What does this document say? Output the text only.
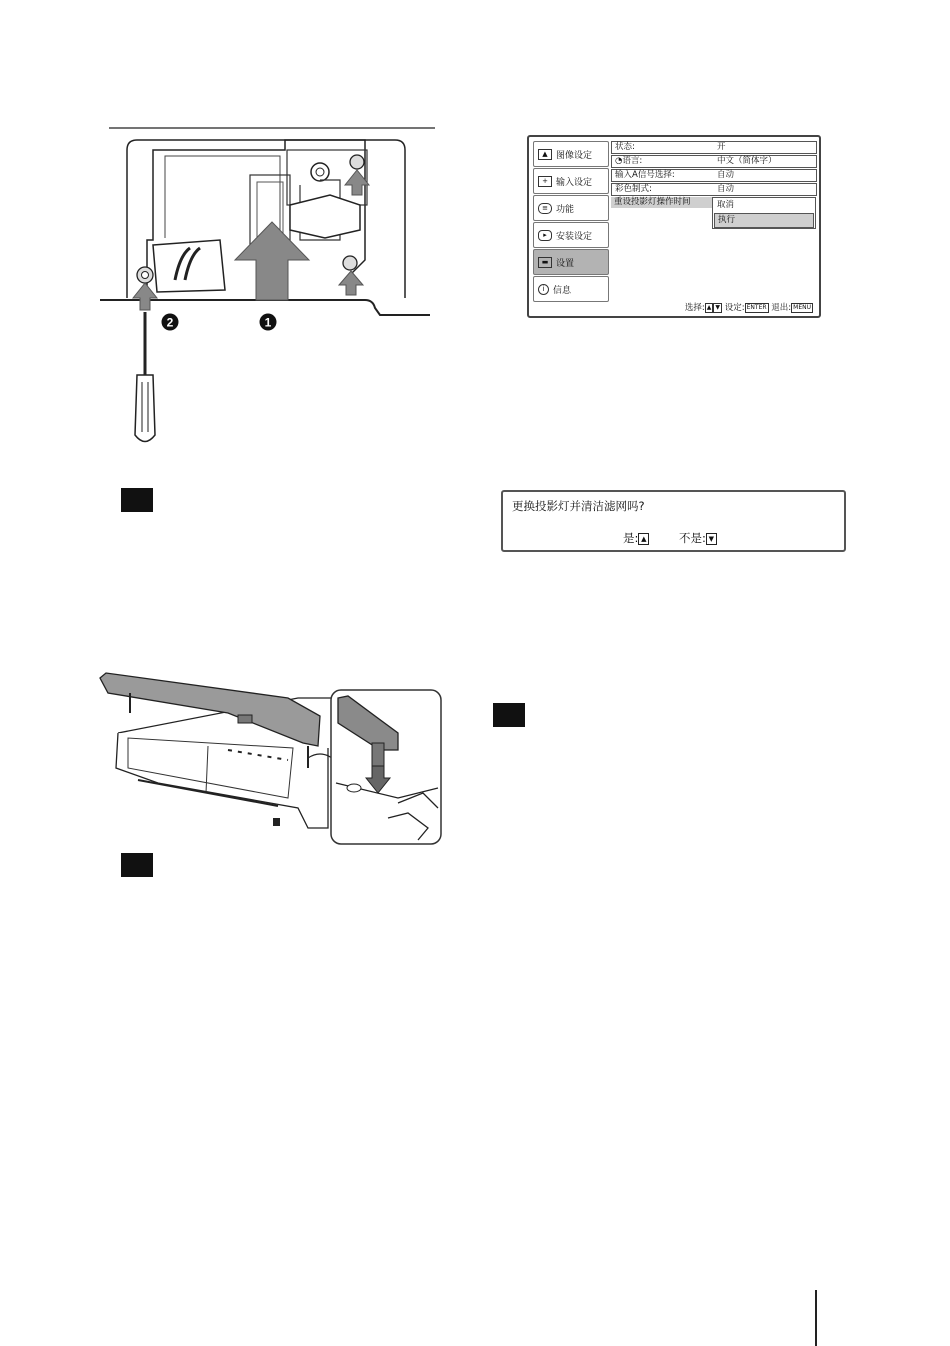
2	1
▲ 图像设定
+ 输入设定
≡ 功能
▸	安装设定
▬ 设置
i 信息
状态:	开
◔语言:	中文（简体字）
输入A信号选择:	自动
彩色制式:	自动
重设投影灯操作时间	取消
执行
选择: ▲ ▼ 设定: ENTER 退出: MENU
更换投影灯并清洁滤网吗?
是: ▲	不是: ▼
